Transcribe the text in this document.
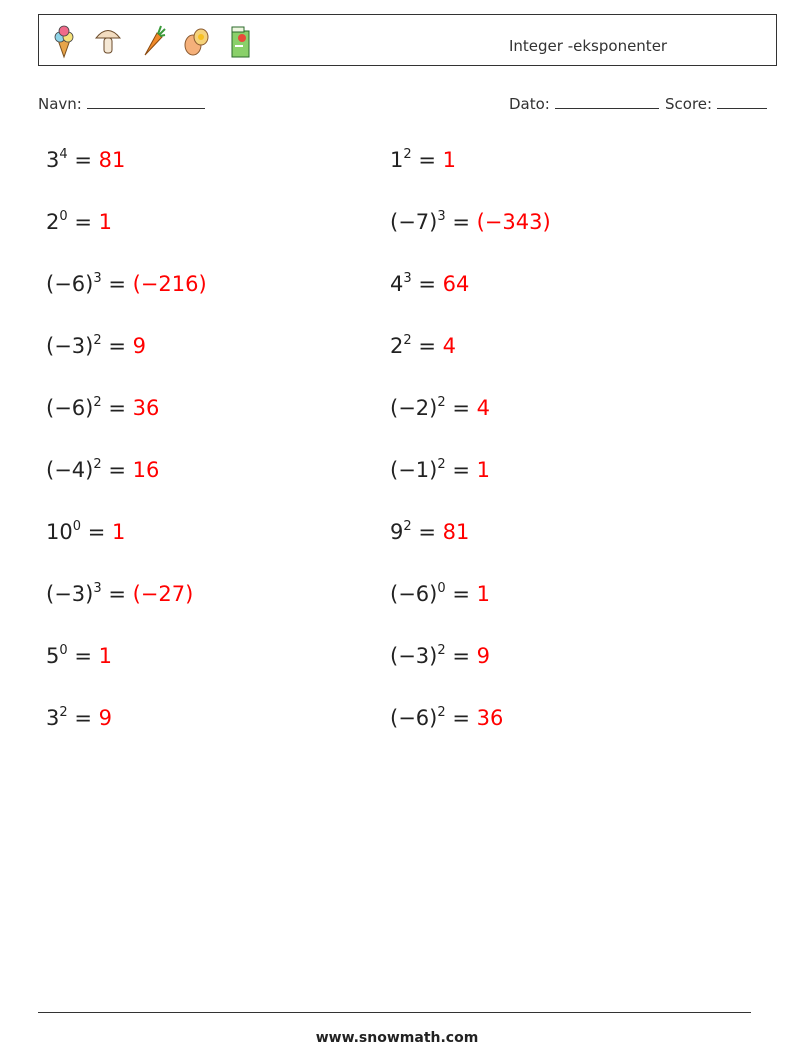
Integer -eksponenter
Navn:	Dato:	Score:
$3^4 = 81$	$1^2 = 1$
$2^0 = 1$	$(-7)^3 = (-343)$
$(-6)^3 = (-216)$	$4^3 = 64$
$(-3)^2 = 9$	$2^2 = 4$
$(-6)^2 = 36$	$(-2)^2 = 4$
$(-4)^2 = 16$	$(-1)^2 = 1$
$10^0 = 1$	$9^2 = 81$
$(-3)^3 = (-27)$	$(-6)^0 = 1$
$5^0 = 1$	$(-3)^2 = 9$
$3^2 = 9$	$(-6)^2 = 36$
www.snowmath.com
